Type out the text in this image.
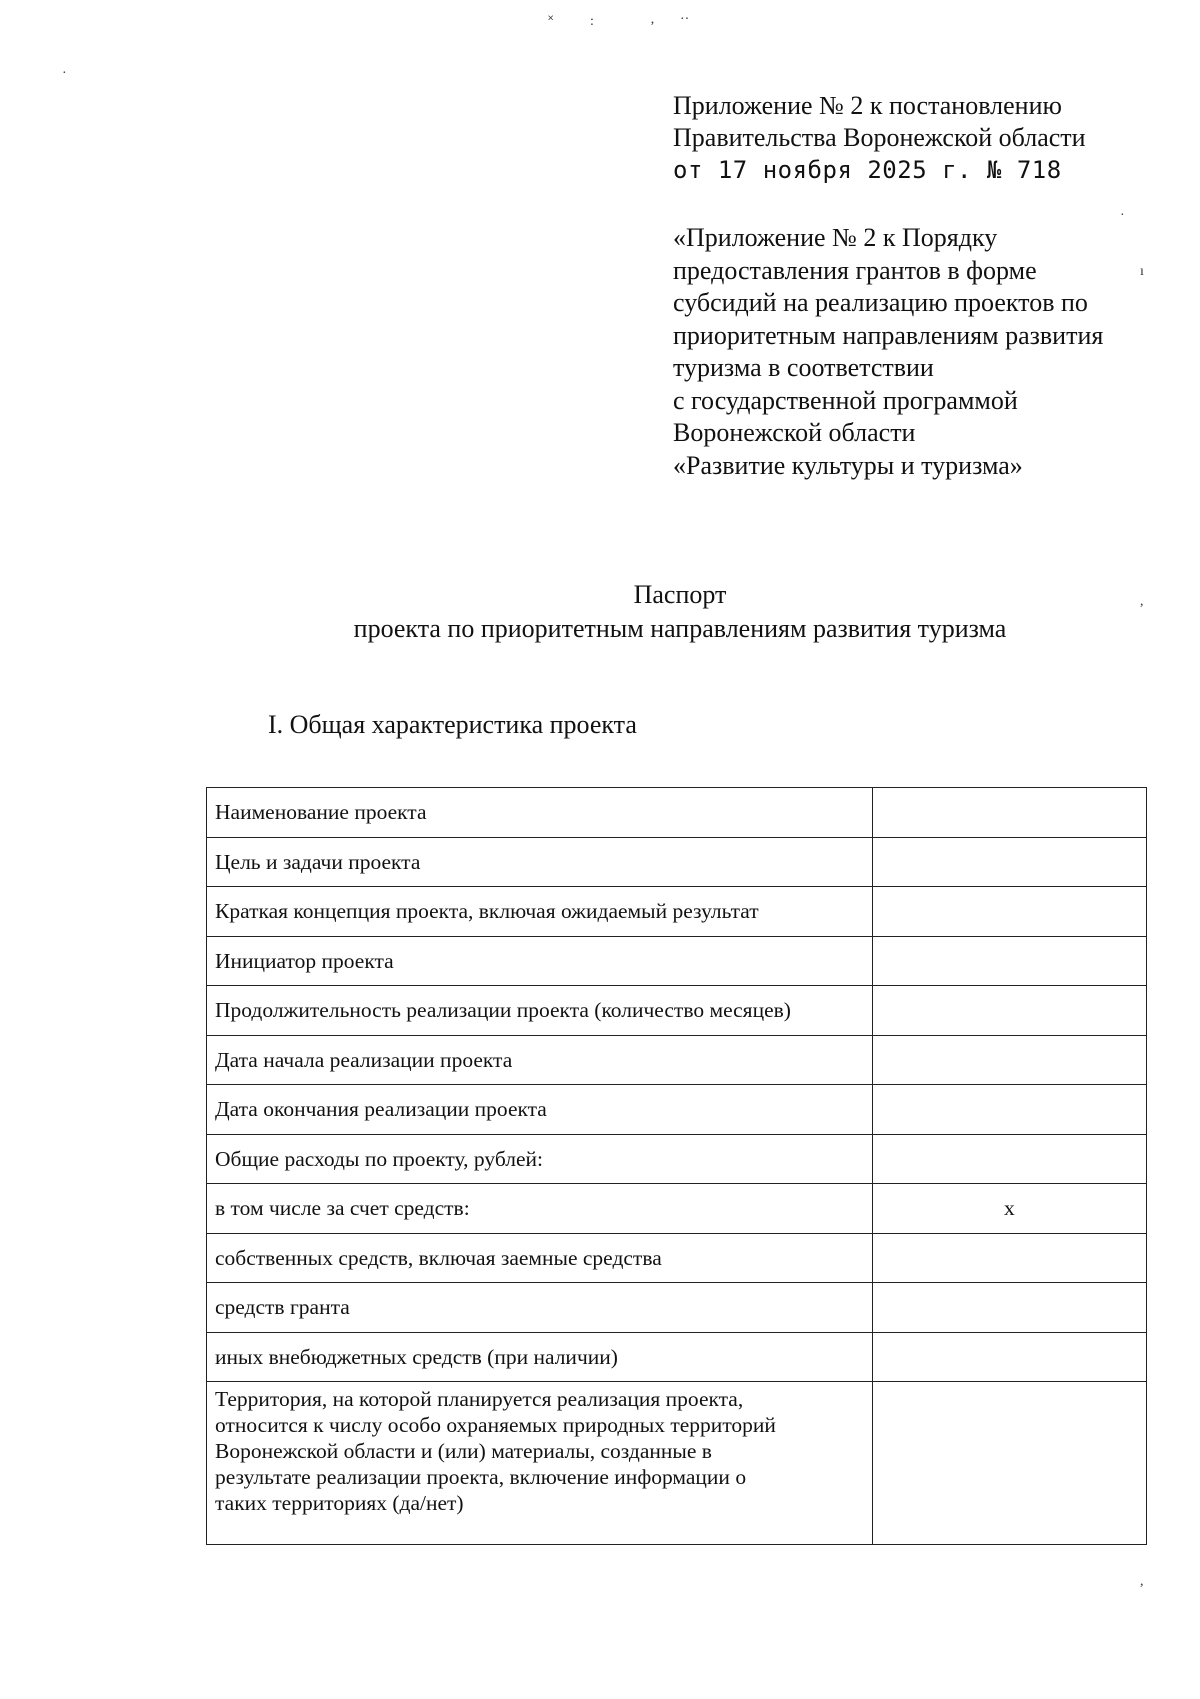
˟	:	‚ ··
·
·
ı
,
,
Приложение № 2 к постановлению
Правительства Воронежской области
от 17 ноября 2025 г. № 718
«Приложение № 2 к Порядку
предоставления грантов в форме
субсидий на реализацию проектов по
приоритетным направлениям развития
туризма в соответствии
с государственной программой
Воронежской области
«Развитие культуры и туризма»
Паспорт
проекта по приоритетным направлениям развития туризма
I. Общая характеристика проекта
Наименование проекта	
Цель и задачи проекта	
Краткая концепция проекта, включая ожидаемый результат	
Инициатор проекта	
Продолжительность реализации проекта (количество месяцев)	
Дата начала реализации проекта	
Дата окончания реализации проекта	
Общие расходы по проекту, рублей:	
в том числе за счет средств:	x
собственных средств, включая заемные средства	
средств гранта	
иных внебюджетных средств (при наличии)	

Территория, на которой планируется реализация проекта,
относится к числу особо охраняемых природных территорий
Воронежской области и (или) материалы, созданные в
результате реализации проекта, включение информации о
таких территориях (да/нет)	
